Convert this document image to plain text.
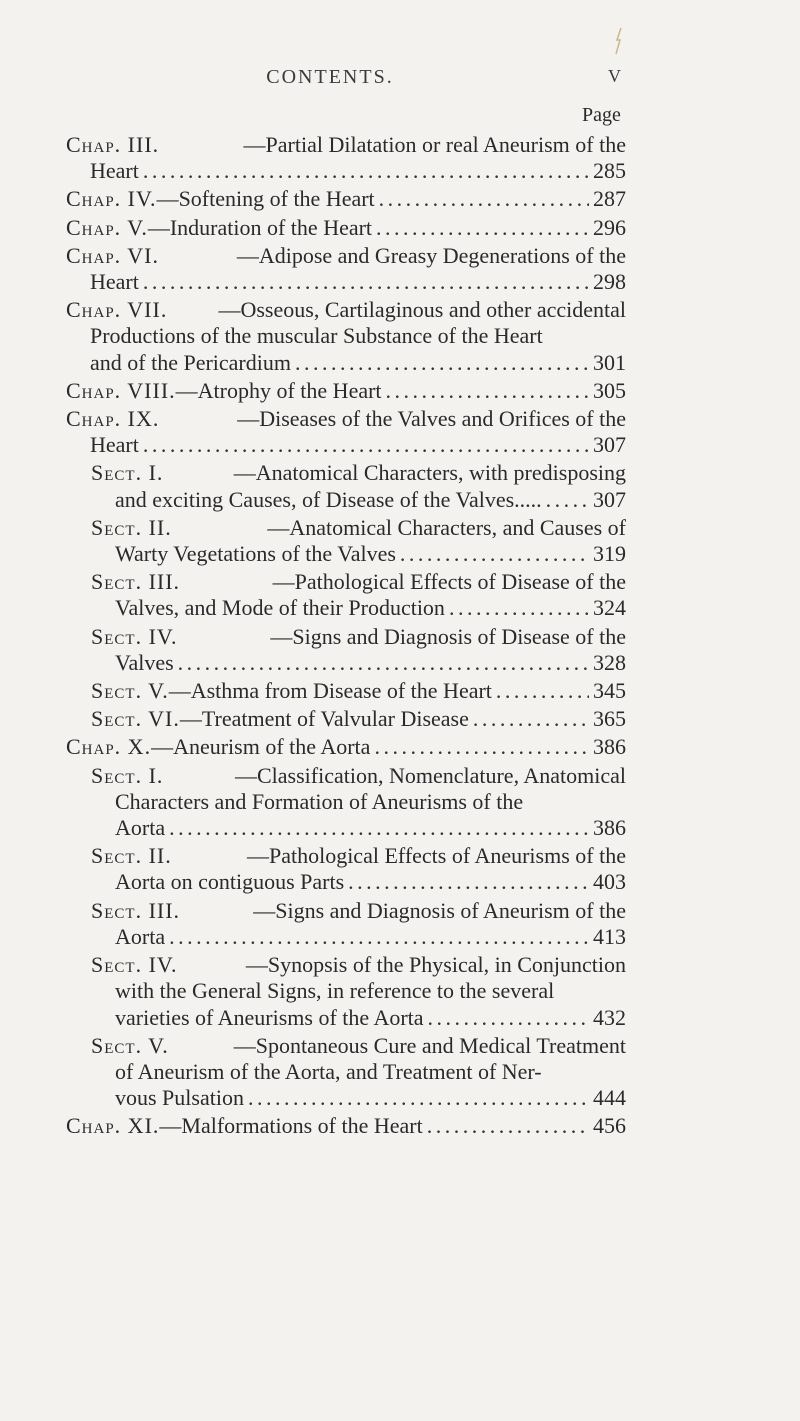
CONTENTS.	V
Page
Chap. III.	—Partial Dilatation or real Aneurism of the
Heart . . .	285
Chap. IV. —Softening of the Heart . . .	287
Chap. V. —Induration of the Heart . . .	296
Chap. VI.	—Adipose and Greasy Degenerations of the
Heart . . .	298
Chap. VII. —Osseous, Cartilaginous and other accidental
Productions of the muscular Substance of the Heart
and of the Pericardium . . .	301
Chap. VIII. —Atrophy of the Heart . . .	305
Chap. IX.	—Diseases of the Valves and Orifices of the
Heart . . .	307
Sect. I.	—Anatomical Characters, with predisposing
and exciting Causes, of Disease of the Valves..... . . . 307
Sect. II.	—Anatomical Characters, and Causes of
Warty Vegetations of the Valves . . .	319
Sect. III.	—Pathological Effects of Disease of the
Valves, and Mode of their Production . . .	324
Sect. IV.	—Signs and Diagnosis of Disease of the
Valves . . .	328
Sect. V. —Asthma from Disease of the Heart . . .	345
Sect. VI. —Treatment of Valvular Disease . . .	365
Chap. X. —Aneurism of the Aorta . . .	386
Sect. I.	—Classification, Nomenclature, Anatomical
Characters and Formation of Aneurisms of the
Aorta . . .	386
Sect. II.	—Pathological Effects of Aneurisms of the
Aorta on contiguous Parts . . .	403
Sect. III.	—Signs and Diagnosis of Aneurism of the
Aorta . . .	413
Sect. IV.	—Synopsis of the Physical, in Conjunction
with the General Signs, in reference to the several
varieties of Aneurisms of the Aorta . . .	432
Sect. V.	—Spontaneous Cure and Medical Treatment
of Aneurism of the Aorta, and Treatment of Ner-
vous Pulsation . . .	444
Chap. XI. —Malformations of the Heart . . .	456
